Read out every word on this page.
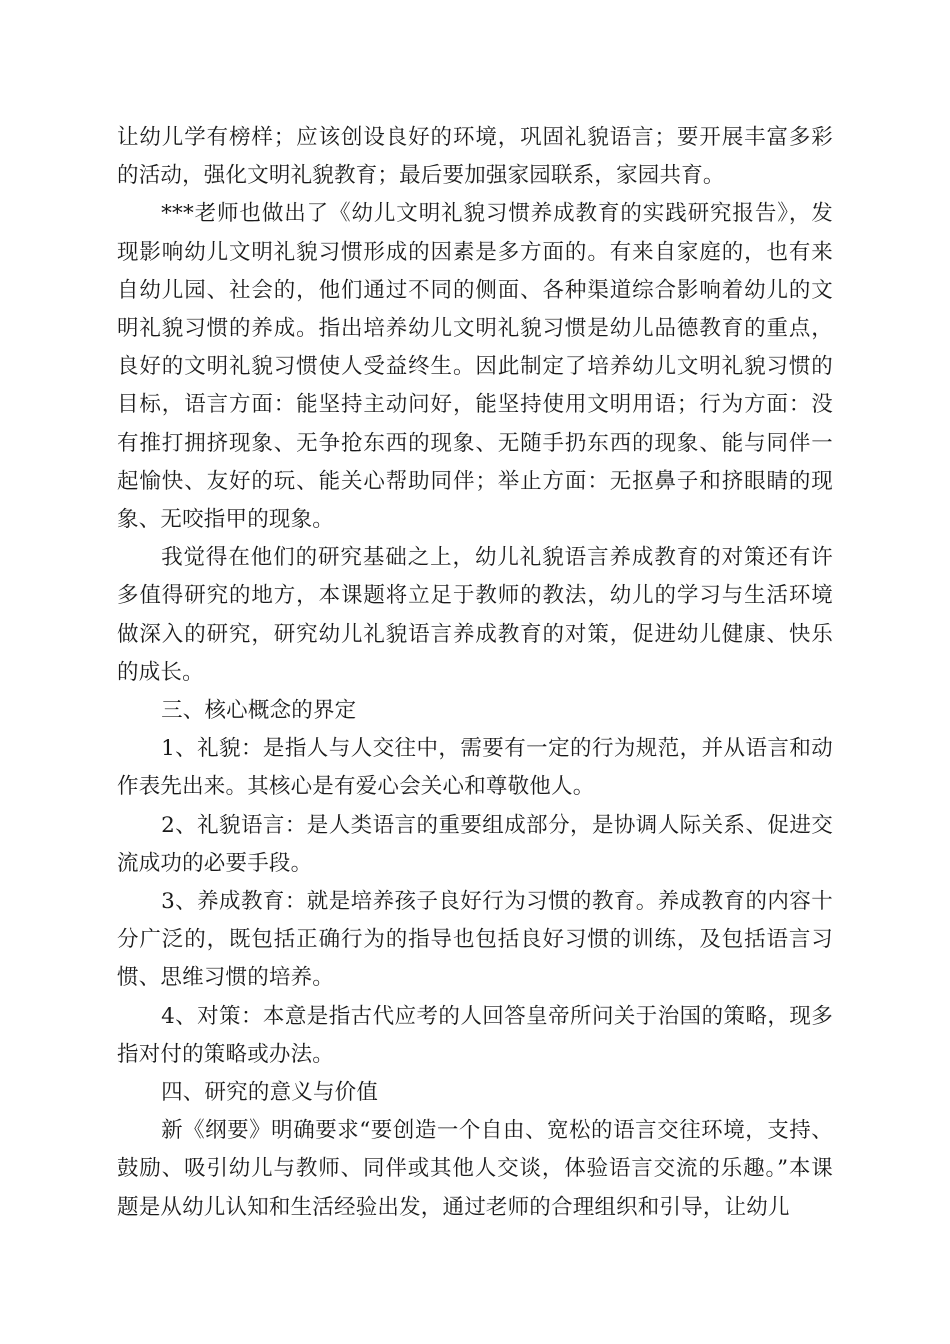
让幼儿学有榜样；应该创设良好的环境，巩固礼貌语言；要开展丰富多彩的活动，强化文明礼貌教育；最后要加强家园联系，家园共育。

***老师也做出了《幼儿文明礼貌习惯养成教育的实践研究报告》，发现影响幼儿文明礼貌习惯形成的因素是多方面的。有来自家庭的，也有来自幼儿园、社会的，他们通过不同的侧面、各种渠道综合影响着幼儿的文明礼貌习惯的养成。指出培养幼儿文明礼貌习惯是幼儿品德教育的重点，良好的文明礼貌习惯使人受益终生。因此制定了培养幼儿文明礼貌习惯的目标，语言方面：能坚持主动问好，能坚持使用文明用语；行为方面：没有推打拥挤现象、无争抢东西的现象、无随手扔东西的现象、能与同伴一起愉快、友好的玩、能关心帮助同伴；举止方面：无抠鼻子和挤眼睛的现象、无咬指甲的现象。

我觉得在他们的研究基础之上，幼儿礼貌语言养成教育的对策还有许多值得研究的地方，本课题将立足于教师的教法，幼儿的学习与生活环境做深入的研究，研究幼儿礼貌语言养成教育的对策，促进幼儿健康、快乐的成长。

三、核心概念的界定

1、礼貌：是指人与人交往中，需要有一定的行为规范，并从语言和动作表先出来。其核心是有爱心会关心和尊敬他人。

2、礼貌语言：是人类语言的重要组成部分，是协调人际关系、促进交流成功的必要手段。

3、养成教育：就是培养孩子良好行为习惯的教育。养成教育的内容十分广泛的，既包括正确行为的指导也包括良好习惯的训练，及包括语言习惯、思维习惯的培养。

4、对策：本意是指古代应考的人回答皇帝所问关于治国的策略，现多指对付的策略或办法。

四、研究的意义与价值

新《纲要》明确要求“要创造一个自由、宽松的语言交往环境，支持、鼓励、吸引幼儿与教师、同伴或其他人交谈，体验语言交流的乐趣。”本课题是从幼儿认知和生活经验出发，通过老师的合理组织和引导，让幼儿
